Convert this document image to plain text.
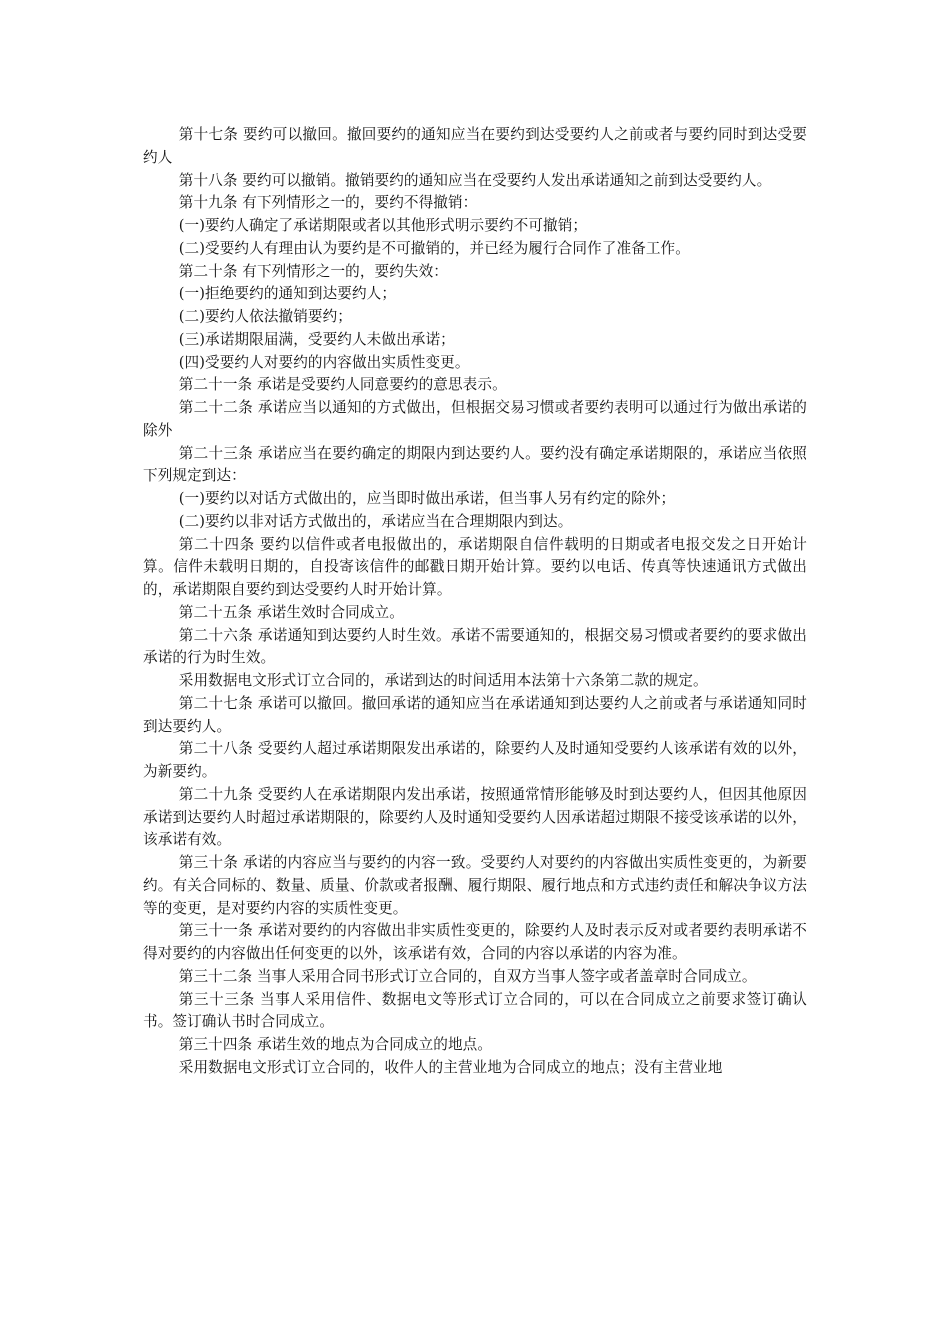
第十七条 要约可以撤回。撤回要约的通知应当在要约到达受要约人之前或者与要约同时到达受要约人

第十八条 要约可以撤销。撤销要约的通知应当在受要约人发出承诺通知之前到达受要约人。

第十九条 有下列情形之一的，要约不得撤销：

(一)要约人确定了承诺期限或者以其他形式明示要约不可撤销；

(二)受要约人有理由认为要约是不可撤销的，并已经为履行合同作了准备工作。

第二十条 有下列情形之一的，要约失效：

(一)拒绝要约的通知到达要约人；

(二)要约人依法撤销要约；

(三)承诺期限届满，受要约人未做出承诺；

(四)受要约人对要约的内容做出实质性变更。

第二十一条 承诺是受要约人同意要约的意思表示。

第二十二条 承诺应当以通知的方式做出，但根据交易习惯或者要约表明可以通过行为做出承诺的除外

第二十三条 承诺应当在要约确定的期限内到达要约人。要约没有确定承诺期限的，承诺应当依照下列规定到达：

(一)要约以对话方式做出的，应当即时做出承诺，但当事人另有约定的除外；

(二)要约以非对话方式做出的，承诺应当在合理期限内到达。

第二十四条 要约以信件或者电报做出的，承诺期限自信件载明的日期或者电报交发之日开始计算。信件未载明日期的，自投寄该信件的邮戳日期开始计算。要约以电话、传真等快速通讯方式做出的，承诺期限自要约到达受要约人时开始计算。

第二十五条 承诺生效时合同成立。

第二十六条 承诺通知到达要约人时生效。承诺不需要通知的，根据交易习惯或者要约的要求做出承诺的行为时生效。

采用数据电文形式订立合同的，承诺到达的时间适用本法第十六条第二款的规定。

第二十七条 承诺可以撤回。撤回承诺的通知应当在承诺通知到达要约人之前或者与承诺通知同时到达要约人。

第二十八条 受要约人超过承诺期限发出承诺的，除要约人及时通知受要约人该承诺有效的以外，为新要约。

第二十九条 受要约人在承诺期限内发出承诺，按照通常情形能够及时到达要约人，但因其他原因承诺到达要约人时超过承诺期限的，除要约人及时通知受要约人因承诺超过期限不接受该承诺的以外，该承诺有效。

第三十条 承诺的内容应当与要约的内容一致。受要约人对要约的内容做出实质性变更的，为新要约。有关合同标的、数量、质量、价款或者报酬、履行期限、履行地点和方式违约责任和解决争议方法等的变更，是对要约内容的实质性变更。

第三十一条 承诺对要约的内容做出非实质性变更的，除要约人及时表示反对或者要约表明承诺不得对要约的内容做出任何变更的以外，该承诺有效，合同的内容以承诺的内容为准。

第三十二条 当事人采用合同书形式订立合同的，自双方当事人签字或者盖章时合同成立。

第三十三条 当事人采用信件、数据电文等形式订立合同的，可以在合同成立之前要求签订确认书。签订确认书时合同成立。

第三十四条 承诺生效的地点为合同成立的地点。

采用数据电文形式订立合同的，收件人的主营业地为合同成立的地点；没有主营业地
